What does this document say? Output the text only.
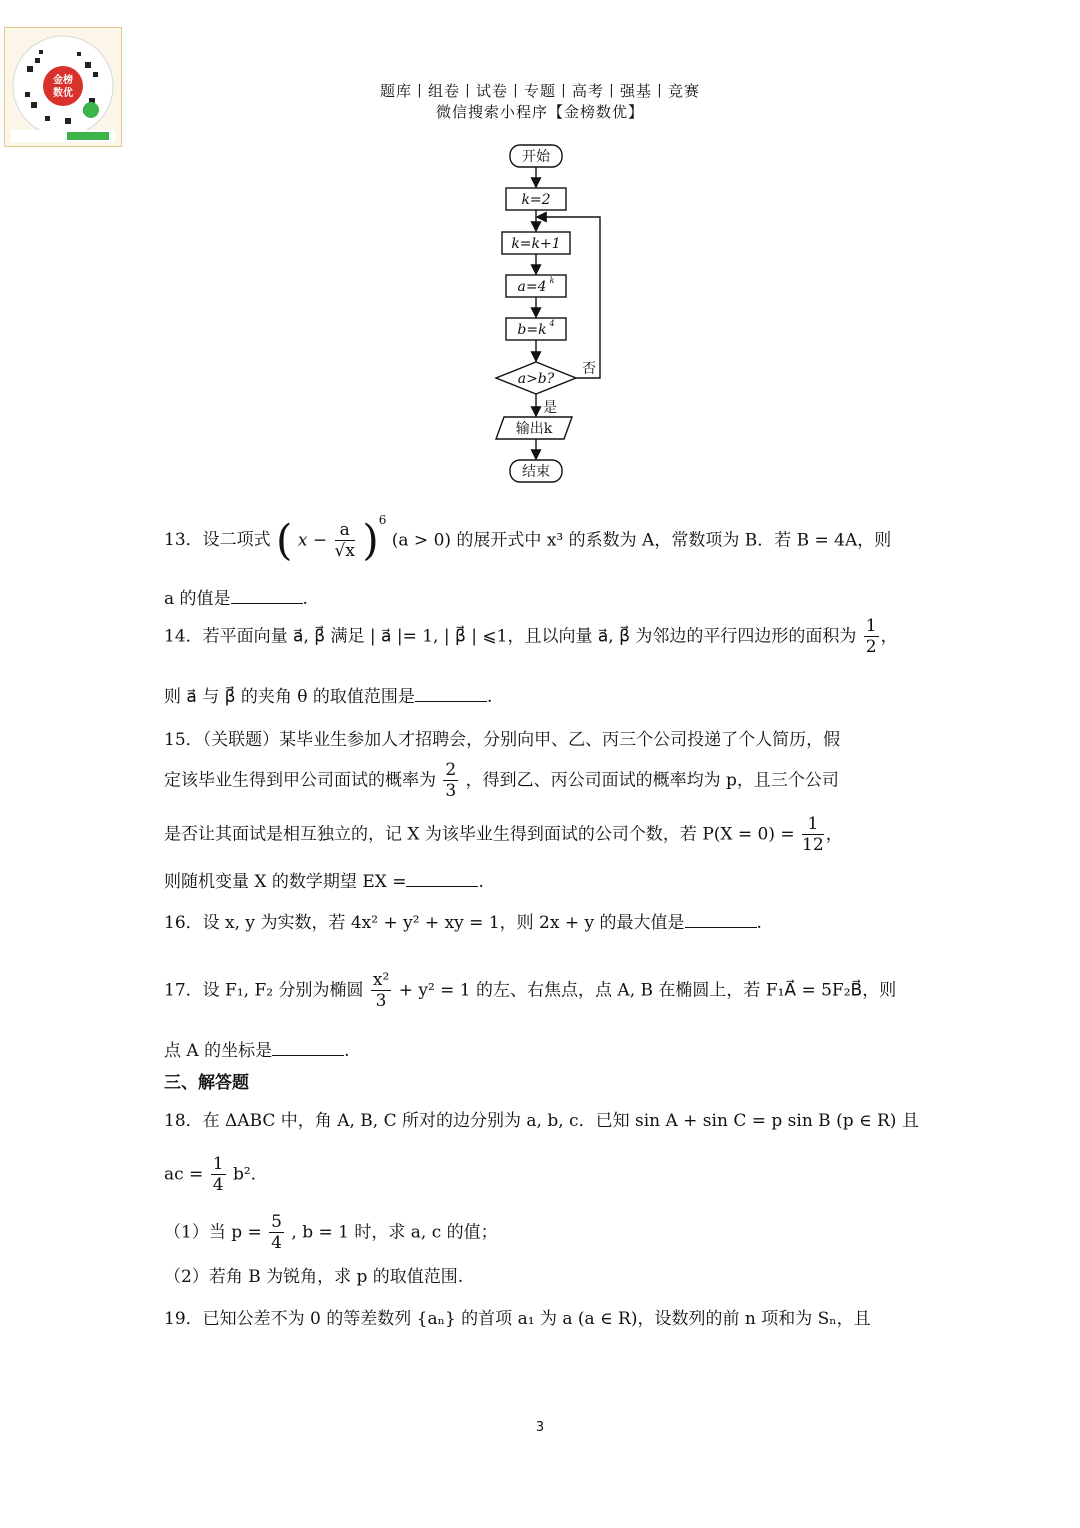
金榜
数优	题库丨组卷丨试卷丨专题丨高考丨强基丨竞赛
微信搜索小程序【金榜数优】
开始
k=2
k=k+1
a=4 k
b=k 4
a>b?
否
是
输出k
结束
13．设二项式 ( $x - \frac{a}{√x} )^6$ (a > 0) 的展开式中 x³ 的系数为 A，常数项为 B．若 B = 4A，则
a 的值是	.
14．若平面向量 a⃗, β⃗ 满足 | a⃗ |= 1, | β⃗ | ⩽1，且以向量 a⃗, β⃗ 为邻边的平行四边形的面积为 $\frac{1}{2}$ ，
则 a⃗ 与 β⃗ 的夹角 θ 的取值范围是	.
15．（关联题）某毕业生参加人才招聘会，分别向甲、乙、丙三个公司投递了个人简历，假
定该毕业生得到甲公司面试的概率为 $\frac{2}{3}$ ，得到乙、丙公司面试的概率均为 p，且三个公司
是否让其面试是相互独立的，记 X 为该毕业生得到面试的公司个数，若 $P(X = 0) = \frac{1}{12}$ ，
则随机变量 X 的数学期望 EX =	.
16．设 x, y 为实数，若 4x² + y² + xy = 1，则 2x + y 的最大值是	.
17．设 F₁, F₂ 分别为椭圆 $\frac{\text{x²}}{3} + y^2 = 1$ 的左、右焦点，点 A, B 在椭圆上，若 F₁A⃗ = 5F₂B⃗，则
点 A 的坐标是	.
三、解答题
18．在 ΔABC 中，角 A, B, C 所对的边分别为 a, b, c．已知 sin A + sin C = p sin B (p ∈ R) 且
ac = $\frac{1}{4} b^2$．
（1）当 $p = \frac{5}{4}$ , b = 1 时，求 a, c 的值；
（2）若角 B 为锐角，求 p 的取值范围.
19．已知公差不为 0 的等差数列 {aₙ} 的首项 a₁ 为 a (a ∈ R)，设数列的前 n 项和为 Sₙ，且
3
